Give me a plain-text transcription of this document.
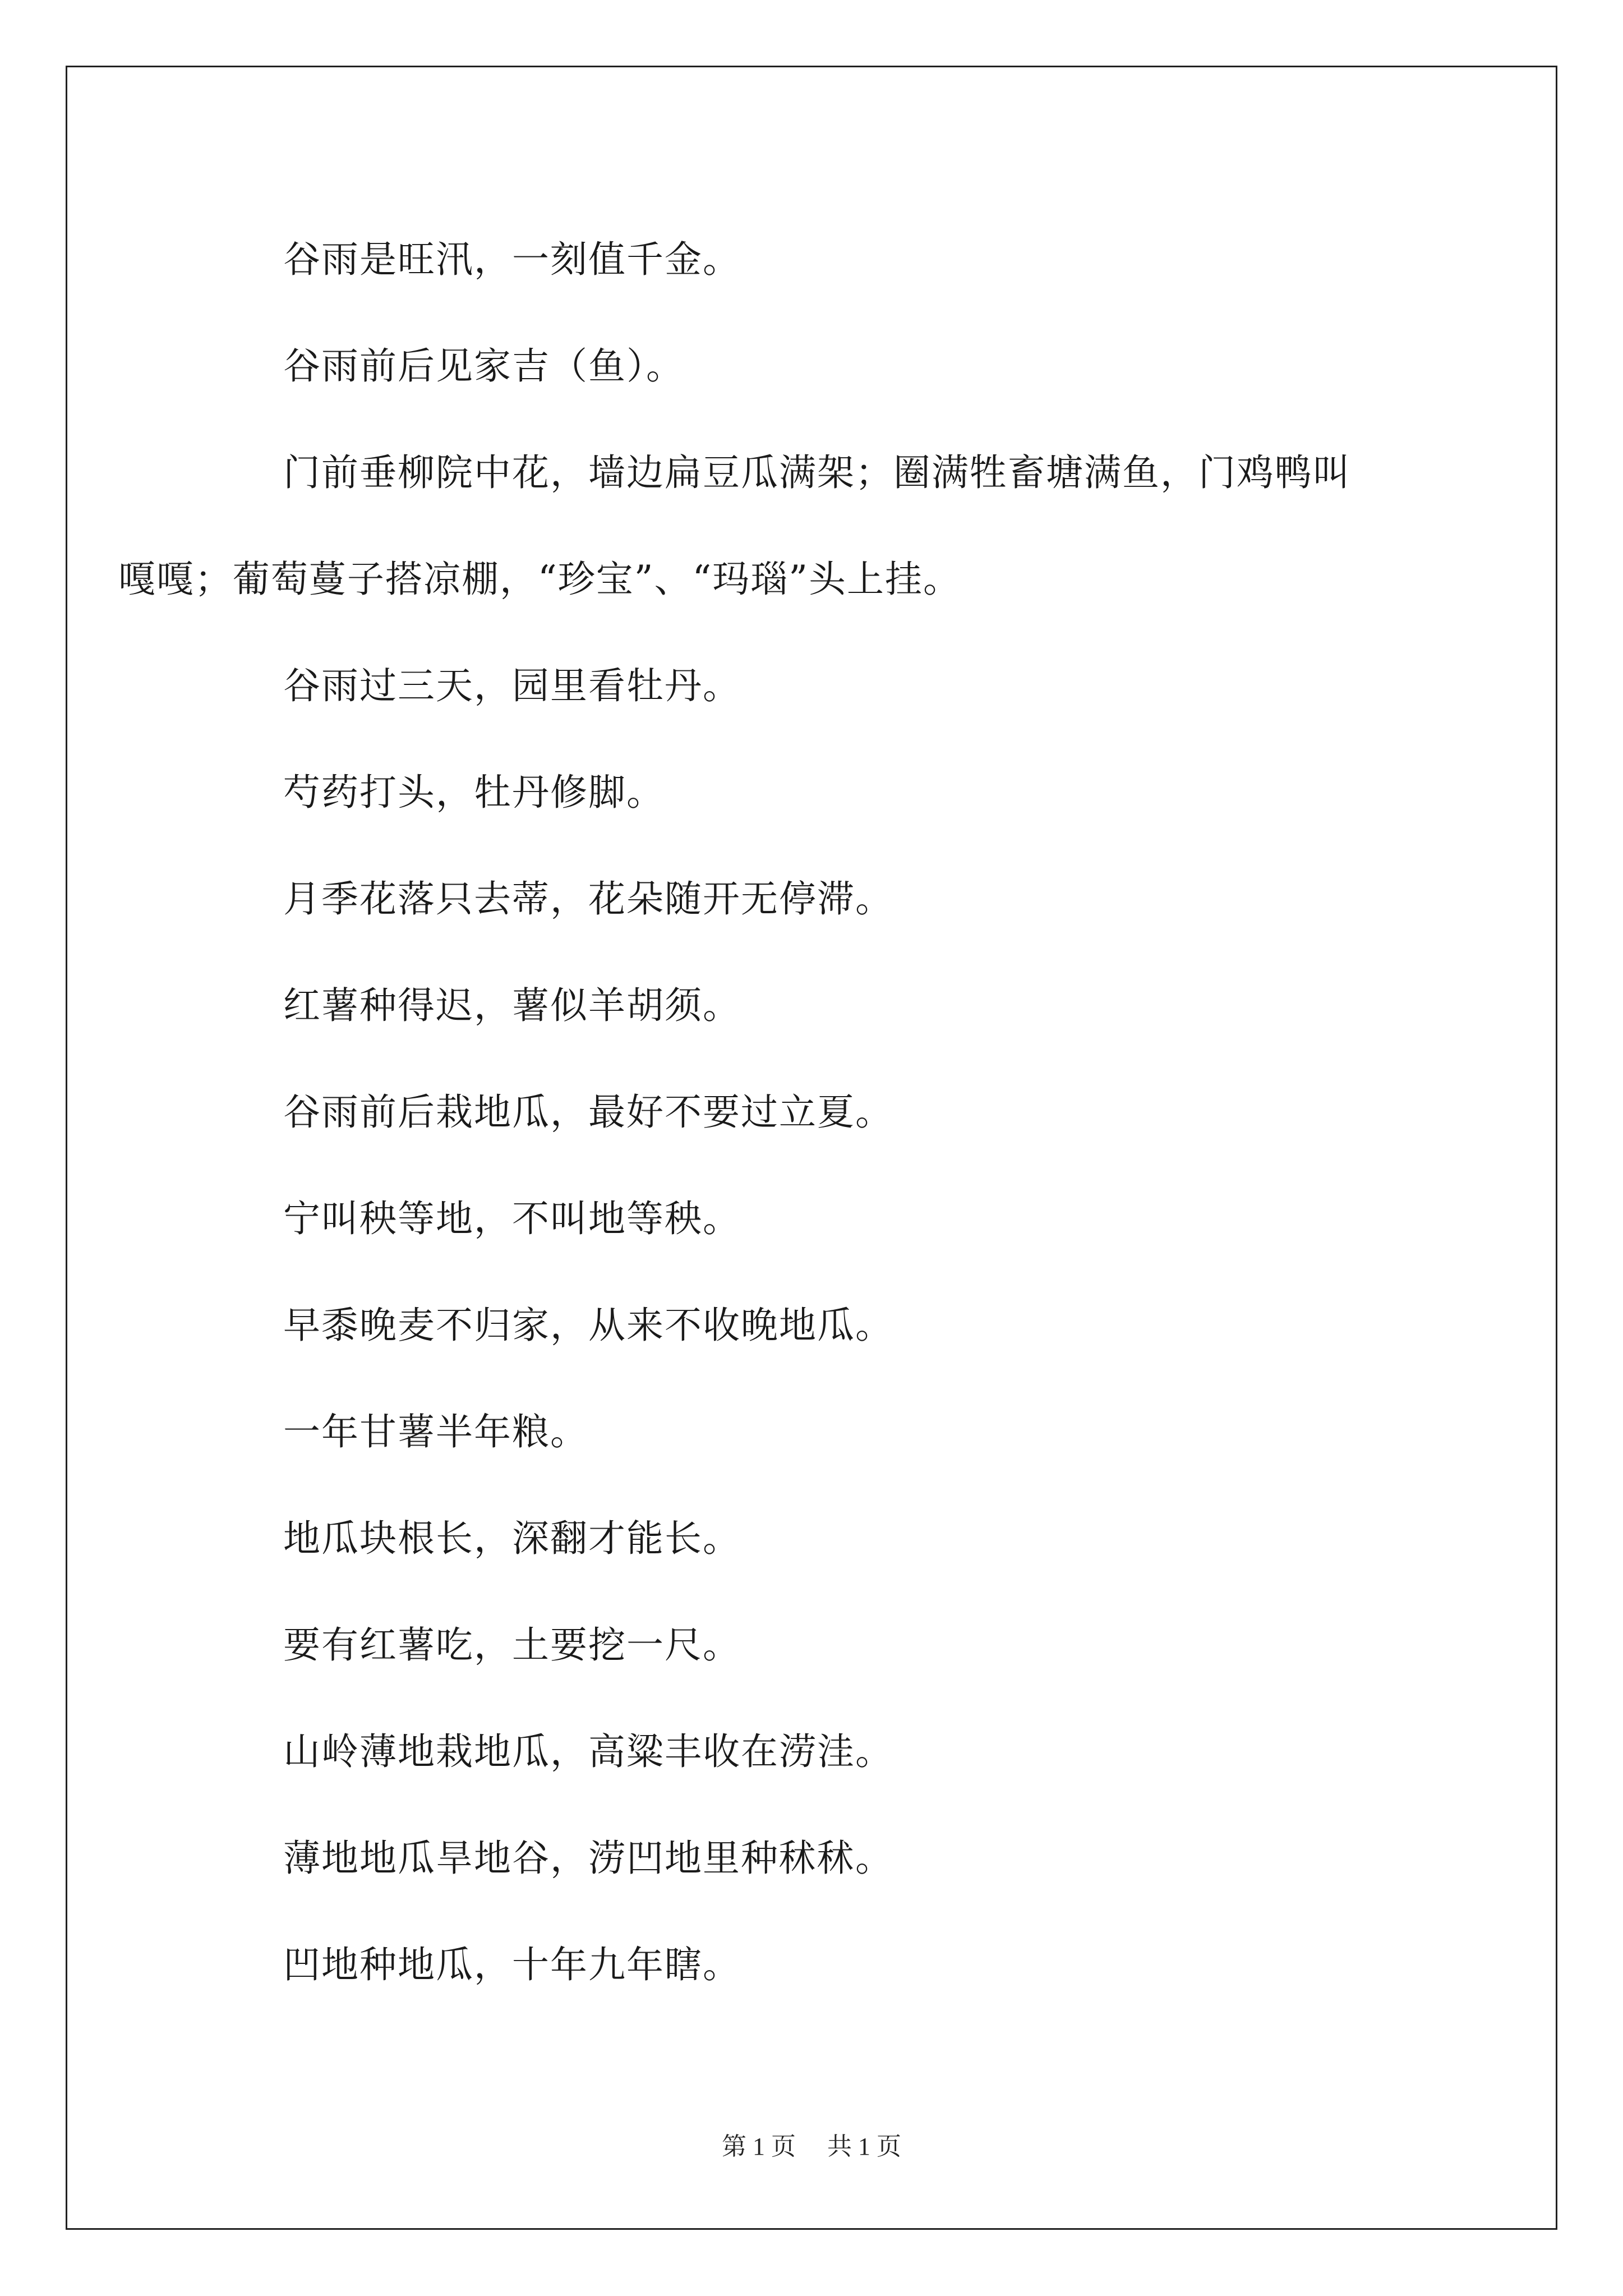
谷雨是旺汛，一刻值千金。

谷雨前后见家吉（鱼）。

门前垂柳院中花，墙边扁豆瓜满架；圈满牲畜塘满鱼，门鸡鸭叫
嘎嘎；葡萄蔓子搭凉棚，“珍宝”、“玛瑙”头上挂。

谷雨过三天，园里看牡丹。

芍药打头，牡丹修脚。

月季花落只去蒂，花朵随开无停滞。

红薯种得迟，薯似羊胡须。

谷雨前后栽地瓜，最好不要过立夏。

宁叫秧等地，不叫地等秧。

早黍晚麦不归家，从来不收晚地瓜。

一年甘薯半年粮。

地瓜块根长，深翻才能长。

要有红薯吃，土要挖一尺。

山岭薄地栽地瓜，高粱丰收在涝洼。

薄地地瓜旱地谷，涝凹地里种秫秫。

凹地种地瓜，十年九年瞎。

第 1 页 共 1 页
